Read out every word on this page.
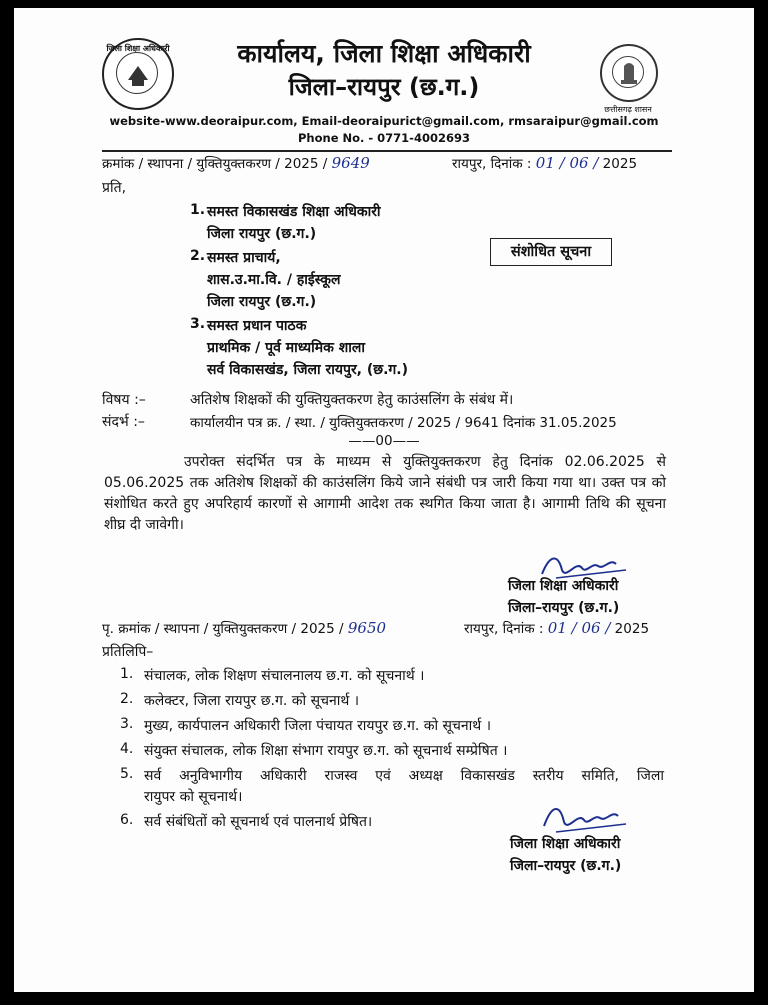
जिला शिक्षा अधिकारी
छत्तीसगढ़ शासन
कार्यालय, जिला शिक्षा अधिकारी
जिला–रायपुर (छ.ग.)
website-www.deoraipur.com, Email-deoraipurict@gmail.com, rmsaraipur@gmail.com
Phone No. - 0771-4002693
क्रमांक / स्थापना / युक्तियुक्तकरण / 2025 / 9649	रायपुर, दिनांक : 01 / 06 / 2025
प्रति,
1. समस्त विकासखंड शिक्षा अधिकारी
जिला रायपुर (छ.ग.)
2. समस्त प्राचार्य,
शास.उ.मा.वि. / हाईस्कूल
जिला रायपुर (छ.ग.)
3. समस्त प्रधान पाठक
प्राथमिक / पूर्व माध्यमिक शाला
सर्व विकासखंड, जिला रायपुर, (छ.ग.)
संशोधित सूचना
विषय :–	अतिशेष शिक्षकों की युक्तियुक्तकरण हेतु काउंसलिंग के संबंध में।
संदर्भ :–	कार्यालयीन पत्र क्र. / स्था. / युक्तियुक्तकरण / 2025 / 9641 दिनांक 31.05.2025
——00——

उपरोक्त संदर्भित पत्र के माध्यम से युक्तियुक्तकरण हेतु दिनांक 02.06.2025 से 05.06.2025 तक अतिशेष शिक्षकों की काउंसलिंग किये जाने संबंधी पत्र जारी किया गया था। उक्त पत्र को संशोधित करते हुए अपरिहार्य कारणों से आगामी आदेश तक स्थगित किया जाता है। आगामी तिथि की सूचना शीघ्र दी जावेगी।

जिला शिक्षा अधिकारी
जिला–रायपुर (छ.ग.)
पृ. क्रमांक / स्थापना / युक्तियुक्तकरण / 2025 / 9650	रायपुर, दिनांक : 01 / 06 / 2025
प्रतिलिपि–
1. संचालक, लोक शिक्षण संचालनालय छ.ग. को सूचनार्थ ।
2. कलेक्टर, जिला रायपुर छ.ग. को सूचनार्थ ।
3. मुख्य, कार्यपालन अधिकारी जिला पंचायत रायपुर छ.ग. को सूचनार्थ ।
4. संयुक्त संचालक, लोक शिक्षा संभाग रायपुर छ.ग. को सूचनार्थ सम्प्रेषित ।
5. सर्व अनुविभागीय अधिकारी राजस्व एवं अध्यक्ष विकासखंड स्तरीय समिति, जिला
रायुपर को सूचनार्थ।
6. सर्व संबंधितों को सूचनार्थ एवं पालनार्थ प्रेषित।
जिला शिक्षा अधिकारी
जिला–रायपुर (छ.ग.)
